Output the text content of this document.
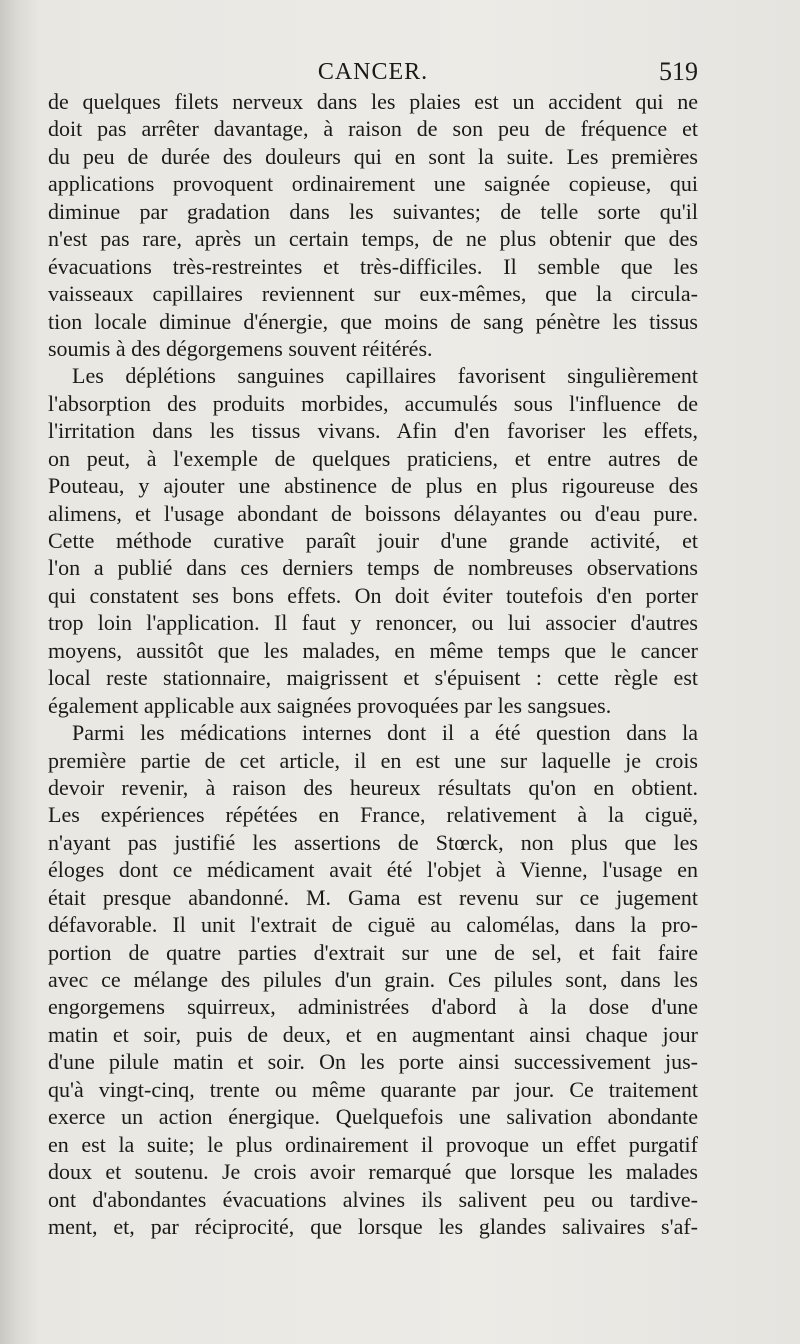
CANCER.	519
de quelques filets nerveux dans les plaies est un accident qui ne
doit pas arrêter davantage, à raison de son peu de fréquence et
du peu de durée des douleurs qui en sont la suite. Les premières
applications provoquent ordinairement une saignée copieuse, qui
diminue par gradation dans les suivantes; de telle sorte qu'il
n'est pas rare, après un certain temps, de ne plus obtenir que des
évacuations très-restreintes et très-difficiles. Il semble que les
vaisseaux capillaires reviennent sur eux-mêmes, que la circula-
tion locale diminue d'énergie, que moins de sang pénètre les tissus
soumis à des dégorgemens souvent réitérés.
Les déplétions sanguines capillaires favorisent singulièrement
l'absorption des produits morbides, accumulés sous l'influence de
l'irritation dans les tissus vivans. Afin d'en favoriser les effets,
on peut, à l'exemple de quelques praticiens, et entre autres de
Pouteau, y ajouter une abstinence de plus en plus rigoureuse des
alimens, et l'usage abondant de boissons délayantes ou d'eau pure.
Cette méthode curative paraît jouir d'une grande activité, et
l'on a publié dans ces derniers temps de nombreuses observations
qui constatent ses bons effets. On doit éviter toutefois d'en porter
trop loin l'application. Il faut y renoncer, ou lui associer d'autres
moyens, aussitôt que les malades, en même temps que le cancer
local reste stationnaire, maigrissent et s'épuisent : cette règle est
également applicable aux saignées provoquées par les sangsues.
Parmi les médications internes dont il a été question dans la
première partie de cet article, il en est une sur laquelle je crois
devoir revenir, à raison des heureux résultats qu'on en obtient.
Les expériences répétées en France, relativement à la ciguë,
n'ayant pas justifié les assertions de Stœrck, non plus que les
éloges dont ce médicament avait été l'objet à Vienne, l'usage en
était presque abandonné. M. Gama est revenu sur ce jugement
défavorable. Il unit l'extrait de ciguë au calomélas, dans la pro-
portion de quatre parties d'extrait sur une de sel, et fait faire
avec ce mélange des pilules d'un grain. Ces pilules sont, dans les
engorgemens squirreux, administrées d'abord à la dose d'une
matin et soir, puis de deux, et en augmentant ainsi chaque jour
d'une pilule matin et soir. On les porte ainsi successivement jus-
qu'à vingt-cinq, trente ou même quarante par jour. Ce traitement
exerce un action énergique. Quelquefois une salivation abondante
en est la suite; le plus ordinairement il provoque un effet purgatif
doux et soutenu. Je crois avoir remarqué que lorsque les malades
ont d'abondantes évacuations alvines ils salivent peu ou tardive-
ment, et, par réciprocité, que lorsque les glandes salivaires s'af-
